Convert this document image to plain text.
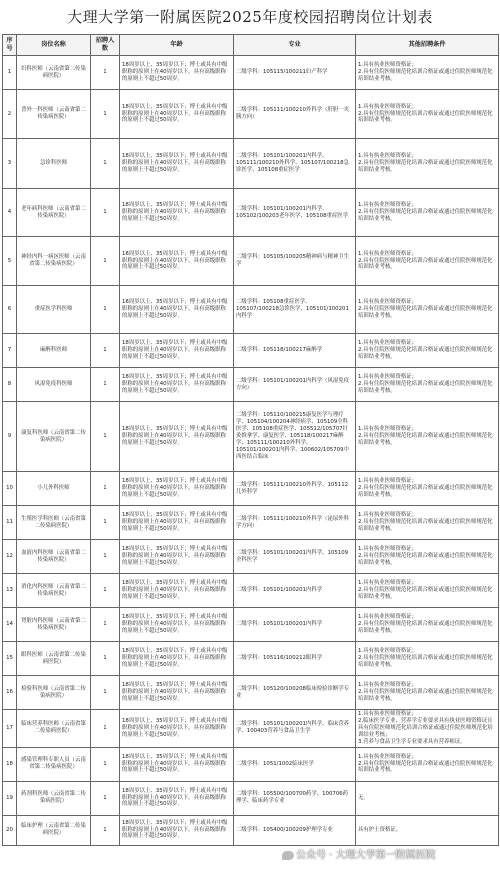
大理大学第一附属医院2025年度校园招聘岗位计划表
序号	岗位名称	招聘人数	年龄	专业	其他招聘条件
1	妇科医师（云南省第二传染病医院）	1	18周岁以上、35周岁以下；博士或具有中级职称的原则上在40周岁以下，具有高级职称的原则上不超过50周岁。	二级学科：105115/100211妇产科学	1.具有执业医师资格证；
2.具有住院医师规范化培训合格证或通过住院医师规范化培训结业考核。
2	普外一科医师（云南省第二传染病医院）	1	18周岁以上、35周岁以下；博士或具有中级职称的原则上在40周岁以下，具有高级职称的原则上不超过50周岁。	二级学科：105111/100210外科学（肝胆一夹胰方向）	1.具有执业医师资格证；
2.具有住院医师规范化培训合格证或通过住院医师规范化培训结业考核。
3	急诊科医师	1	18周岁以上、35周岁以下；博士或具有中级职称的原则上在40周岁以下，具有高级职称的原则上不超过50周岁。	二级学科：105101/100201内科学、105111/100210外科学、105107/100218急诊医学、105108重症医学	1.具有执业医师资格证；
2.具有住院医师规范化培训合格证或通过住院医师规范化培训结业考核。
4	老年病科医师（云南省第二传染病医院）	1	18周岁以上、35周岁以下；博士或具有中级职称的原则上在40周岁以下，具有高级职称的原则上不超过50周岁。	二级学科：105101/100201内科学、105102/100203老年医学、105108重症医学	1.具有执业医师资格证；
2.具有住院医师规范化培训合格证或通过住院医师规范化培训结业考核。
5	神经内科一病区医师（云南省第二传染病医院）	1	18周岁以上、35周岁以下；博士或具有中级职称的原则上在40周岁以下，具有高级职称的原则上不超过50周岁。	二级学科：105105/100205精神病与精神卫生学	1.具有执业医师资格证；
2.具有住院医师规范化培训合格证或通过住院医师规范化培训结业考核。
6	重症医学科医师	1	18周岁以上、35周岁以下；博士或具有中级职称的原则上在40周岁以下，具有高级职称的原则上不超过50周岁。	二级学科：105108重症医学、105107/100218急诊医学、105101/100201内科学	1.具有执业医师资格证；
2.具有住院医师规范化培训合格证或通过住院医师规范化培训结业考核。
7	麻醉科医师	1	18周岁以上、35周岁以下；博士或具有中级职称的原则上在40周岁以下，具有高级职称的原则上不超过50周岁。	二级学科：105118/100217麻醉学	1.具有执业医师资格证；
2.具有住院医师规范化培训合格证或通过住院医师规范化培训结业考核。
8	风湿免疫科医师	1	18周岁以上、35周岁以下；博士或具有中级职称的原则上在40周岁以下，具有高级职称的原则上不超过50周岁。	二级学科：105101/100201内科学（风湿免疫方向）	1.具有执业医师资格证；
2.具有住院医师规范化培训合格证或通过住院医师规范化培训结业考核。
9	康复科医师（云南省第二传染病医院）	1	18周岁以上、35周岁以下；博士或具有中级职称的原则上在40周岁以下，具有高级职称的原则上不超过50周岁。	二级学科：105110/100215康复医学与理疗学、105104/100204神经病学、105109全科医学、105108重症医学、105512/105707针灸推拿学、康复医学、105118/100217麻醉学、105111/100210外科学、105101/100201内科学、100602/105709中西医结合临床	1.具有执业医师资格证；
2.具有住院医师规范化培训合格证或通过住院医师规范化培训结业考核。
10	小儿外科医师	1	18周岁以上、35周岁以下；博士或具有中级职称的原则上在40周岁以下，具有高级职称的原则上不超过50周岁。	二级学科：105111/100210外科学、105112儿外科学	1.具有执业医师资格证；
2.具有住院医师规范化培训合格证或通过住院医师规范化培训结业考核。
11	生殖医学科医师（云南省第二传染病医院）	1	18周岁以上、35周岁以下；博士或具有中级职称的原则上在40周岁以下，具有高级职称的原则上不超过50周岁。	二级学科：105111/100210外科学（泌尿外科学方向）	1.具有执业医师资格证；
2.具有住院医师规范化培训合格证或通过住院医师规范化培训结业考核。
12	血液内科医师（云南省第二传染病医院）	1	18周岁以上、35周岁以下；博士或具有中级职称的原则上在40周岁以下，具有高级职称的原则上不超过50周岁。	二级学科：105101/100201内科学、105109全科医学	1.具有执业医师资格证；
2.具有住院医师规范化培训合格证或通过住院医师规范化培训结业考核。
13	消化内科医师（云南省第二传染病医院）	1	18周岁以上、35周岁以下；博士或具有中级职称的原则上在40周岁以下，具有高级职称的原则上不超过50周岁。	二级学科：105101/100201内科学	1.具有执业医师资格证；
2.具有住院医师规范化培训合格证或通过住院医师规范化培训结业考核。
14	肾脏内科医师（云南省第二传染病医院）	1	18周岁以上、35周岁以下；博士或具有中级职称的原则上在40周岁以下，具有高级职称的原则上不超过50周岁。	二级学科：105101/100201内科学	1.具有执业医师资格证；
2.具有住院医师规范化培训合格证或通过住院医师规范化培训结业考核。
15	眼科医师（云南省第二传染病医院）	1	18周岁以上、35周岁以下；博士或具有中级职称的原则上在40周岁以下，具有高级职称的原则上不超过50周岁。	二级学科：105116/100212眼科学	1.具有执业医师资格证；
2.具有住院医师规范化培训合格证或通过住院医师规范化培训结业考核。
16	检验科医师（云南省第二传染病医院）	1	18周岁以上、35周岁以下；博士或具有中级职称的原则上在40周岁以下，具有高级职称的原则上不超过50周岁。	二级学科：105120/100208临床检验诊断学专业	1.具有执业医师资格证；
2.具有住院医师规范化培训合格证或通过住院医师规范化培训结业考核。
17	临床营养科医师（云南省第二传染病医院）	1	18周岁以上、35周岁以下；博士或具有中级职称的原则上在40周岁以下，具有高级职称的原则上不超过50周岁。	二级学科：105101/100201内科学、临床营养学、100403营养与食品卫生学	1.具有执业医师资格证；
2.临床医学专业、营养学专业要求具有执业医师资格证且具有住院医师规范化培训合格证或通过住院医师规范化培训结业考核；
3.营养与食品卫生学专业要求具有营养师证。
18	感染管理科专职人员（云南省第二传染病医院）	1	18周岁以上、35周岁以下；博士或具有中级职称的原则上在40周岁以下，具有高级职称的原则上不超过50周岁。	二级学科：1051/1002临床医学	1.具有执业医师资格证；
2.具有住院医师规范化培训合格证或通过住院医师规范化培训结业考核。
19	药剂科医师（云南省第二传染病医院）	1	18周岁以上、35周岁以下；博士或具有中级职称的原则上在40周岁以下，具有高级职称的原则上不超过50周岁。	二级学科：105500/100700药学、100706药理学、临床药学专业	无。
20	临床护理（云南省第二传染病医院）	1	18周岁以上、35周岁以下；博士或具有中级职称的原则上在40周岁以下，具有高级职称的原则上不超过50周岁。	二级学科：105400/100209护理学专业	具有护士资格证。
公众号 · 大理大学第一附属医院
